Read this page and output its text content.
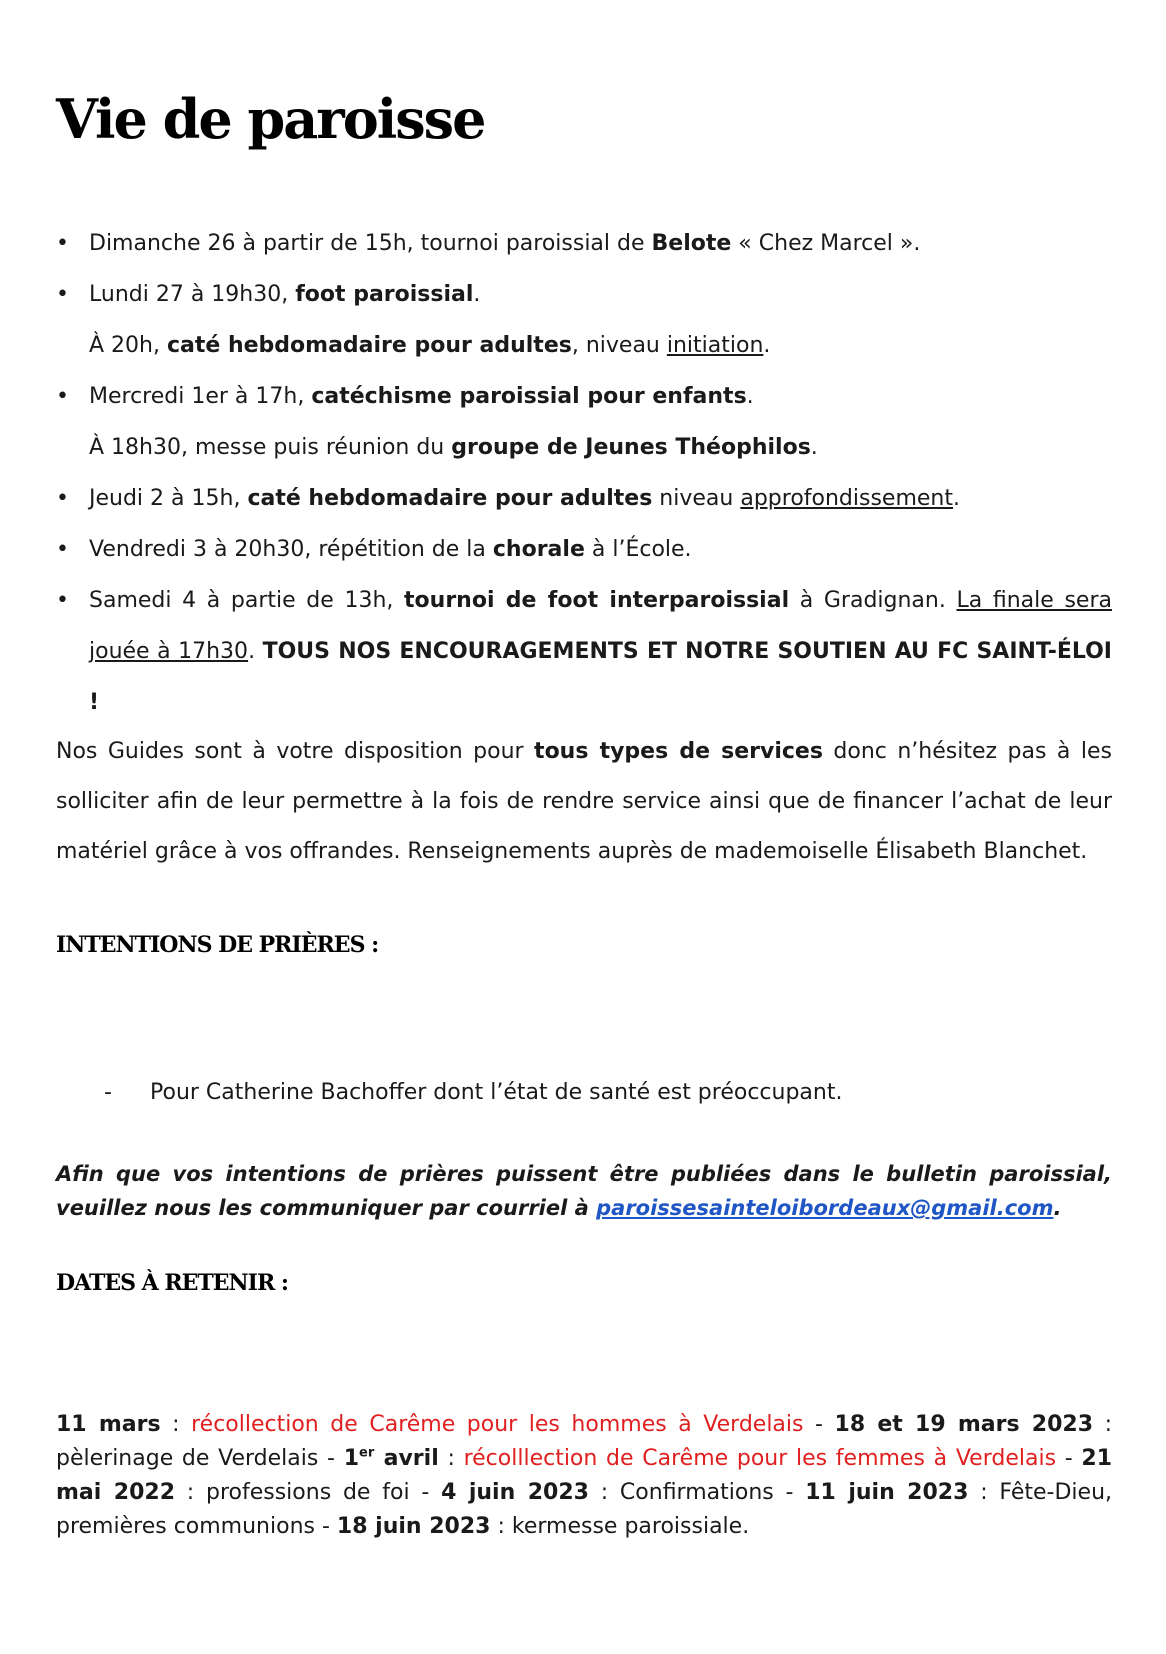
Vie de paroisse
• Dimanche 26 à partir de 15h, tournoi paroissial de Belote « Chez Marcel ».
• Lundi 27 à 19h30, foot paroissial.
À 20h, caté hebdomadaire pour adultes, niveau initiation.
• Mercredi 1er à 17h, catéchisme paroissial pour enfants.
À 18h30, messe puis réunion du groupe de Jeunes Théophilos.
• Jeudi 2 à 15h, caté hebdomadaire pour adultes niveau approfondissement.
• Vendredi 3 à 20h30, répétition de la chorale à l’École.
• Samedi 4 à partie de 13h, tournoi de foot interparoissial à Gradignan. La finale sera jouée à 17h30. TOUS NOS ENCOURAGEMENTS ET NOTRE SOUTIEN AU FC SAINT-ÉLOI !

Nos Guides sont à votre disposition pour tous types de services donc n’hésitez pas à les solliciter afin de leur permettre à la fois de rendre service ainsi que de financer l’achat de leur matériel grâce à vos offrandes. Renseignements auprès de mademoiselle Élisabeth Blanchet.

INTENTIONS DE PRIÈRES :
- Pour Catherine Bachoffer dont l’état de santé est préoccupant.

Afin que vos intentions de prières puissent être publiées dans le bulletin paroissial, veuillez nous les communiquer par courriel à paroissesainteloibordeaux@gmail.com.

DATES À RETENIR :

11 mars : récollection de Carême pour les hommes à Verdelais - 18 et 19 mars 2023 : pèlerinage de Verdelais - 1er avril : récolllection de Carême pour les femmes à Verdelais - 21 mai 2022 : professions de foi - 4 juin 2023 : Confirmations - 11 juin 2023 : Fête-Dieu, premières communions - 18 juin 2023 : kermesse paroissiale.
